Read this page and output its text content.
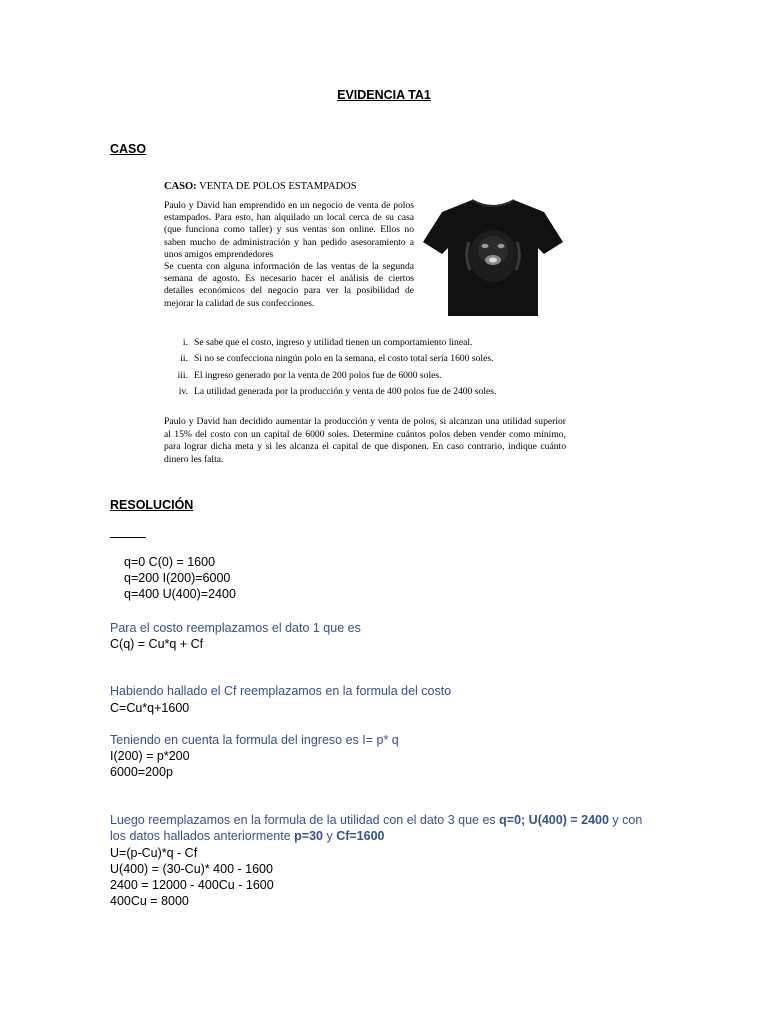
EVIDENCIA TA1
CASO
CASO: VENTA DE POLOS ESTAMPADOS

Paulo y David han emprendido en un negocio de venta de polos estampados. Para esto, han alquilado un local cerca de su casa (que funciona como taller) y sus ventas son online. Ellos no saben mucho de administración y han pedido asesoramiento a unos amigos emprendedores

Se cuenta con alguna información de las ventas de la segunda semana de agosto. Es necesario hacer el análisis de ciertos detalles económicos del negocio para ver la posibilidad de mejorar la calidad de sus confecciones.

i. Se sabe que el costo, ingreso y utilidad tienen un comportamiento lineal.
ii. Si no se confecciona ningún polo en la semana, el costo total sería 1600 soles.
iii. El ingreso generado por la venta de 200 polos fue de 6000 soles.
iv. La utilidad generada por la producción y venta de 400 polos fue de 2400 soles.
Paulo y David han decidido aumentar la producción y venta de polos, si alcanzan una utilidad superior al 15% del costo con un capital de 6000 soles. Determine cuántos polos deben vender como mínimo, para lograr dicha meta y si les alcanza el capital de que disponen. En caso contrario, indique cuánto dinero les falta.
RESOLUCIÓN
q=0 C(0) = 1600
q=200 I(200)=6000
q=400 U(400)=2400
Para el costo reemplazamos el dato 1 que es
C(q) = Cu*q + Cf
Habiendo hallado el Cf reemplazamos en la formula del costo
C=Cu*q+1600
Teniendo en cuenta la formula del ingreso es I= p* q
I(200) = p*200
6000=200p
Luego reemplazamos en la formula de la utilidad con el dato 3 que es q=0; U(400) = 2400 y con
los datos hallados anteriormente p=30 y Cf=1600
U=(p-Cu)*q - Cf
U(400) = (30-Cu)* 400 - 1600
2400 = 12000 - 400Cu - 1600
400Cu = 8000
